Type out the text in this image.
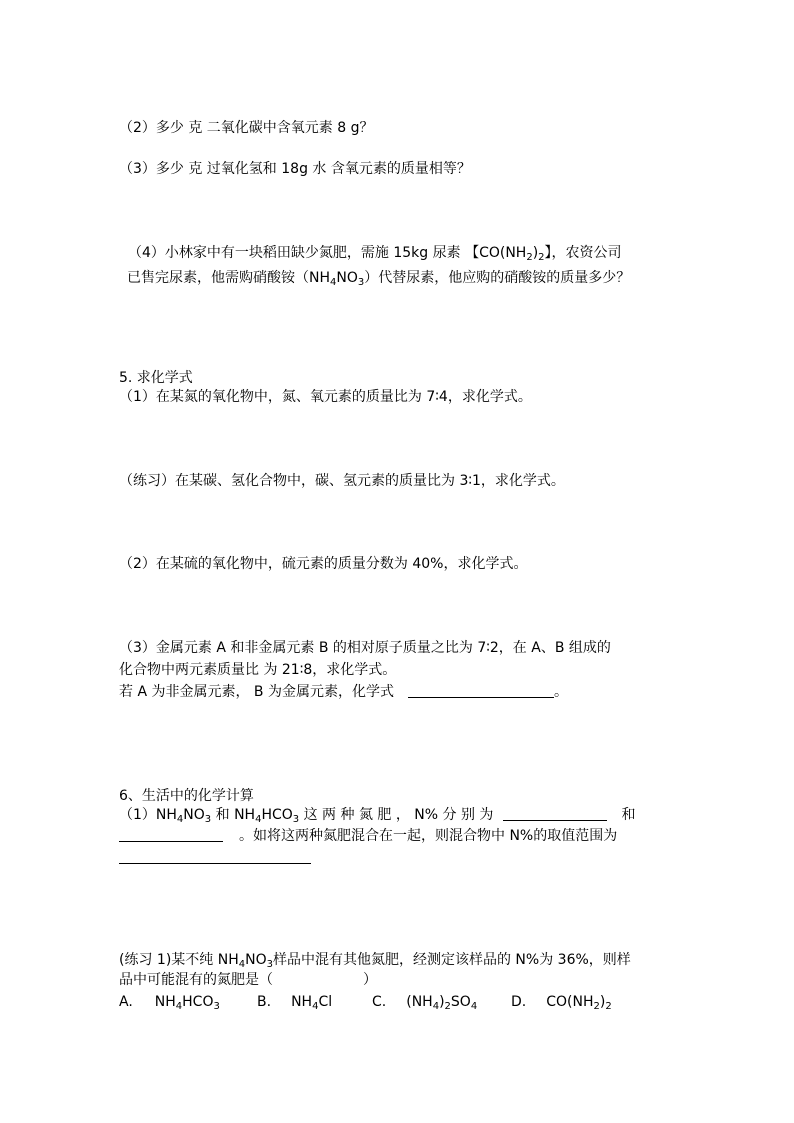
（2）多少 克 二氧化碳中含氧元素 8 g？
（3）多少 克 过氧化氢和 18g 水 含氧元素的质量相等？
（4）小林家中有一块稻田缺少氮肥，需施 15kg 尿素 【$CO(NH_2)_2$】，农资公司
已售完尿素，他需购硝酸铵$(NH_4NO_3)$代替尿素，他应购的硝酸铵的质量多少？
5. 求化学式
（1）在某氮的氧化物中，氮、氧元素的质量比为 7∶4，求化学式。
（练习）在某碳、氢化合物中，碳、氢元素的质量比为 3∶1，求化学式。
（2）在某硫的氧化物中，硫元素的质量分数为 40%，求化学式。
（3）金属元素 A 和非金属元素 B 的相对原子质量之比为 7∶2，在 A、B 组成的
化合物中两元素质量比 为 21∶8，求化学式。
若 A 为非金属元素， B 为金属元素，化学式	。
6、生活中的化学计算
$(1)NH_4NO_3$ 和 $NH_4HCO_3$ 这 两 种 氮 肥 ， N% 分 别 为	和
。如将这两种氮肥混合在一起，则混合物中 N%的取值范围为
(练习 1)某不纯 $NH_4NO_3$样品中混有其他氮肥，经测定该样品的 N%为 36%，则样
品中可能混有的氮肥是（	）
A. $NH_4HCO_3$	B. $NH_4Cl$	C. $(NH_4)_2SO_4$ D. $CO(NH_2)_2$
